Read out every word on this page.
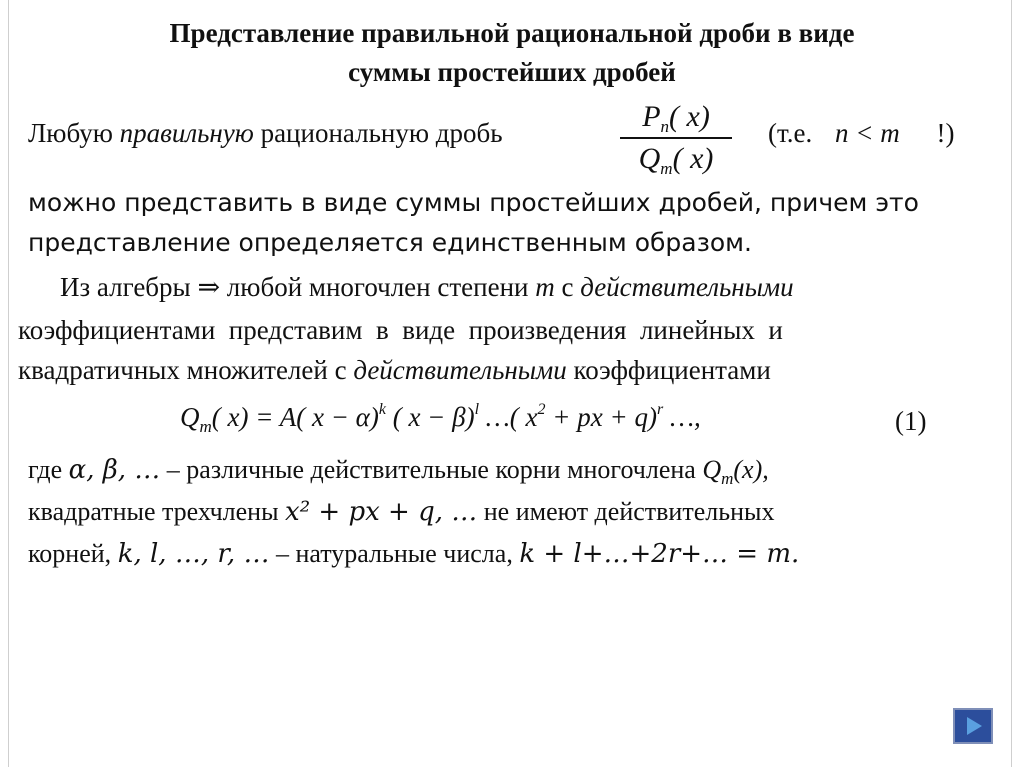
Представление правильной рациональной дроби в виде
суммы простейших дробей
Любую правильную рациональную дробь	$P_n$( x)
$Q_m$( x)
(т.е. n < m !)
можно представить в виде суммы простейших дробей, причем это
представление определяется единственным образом.
Из алгебры ⇒ любой многочлен степени m с действительными
коэффициентами  представим  в  виде  произведения  линейных  и
квадратичных множителей с действительными коэффициентами
$Q_m$( x) = A( x − α)$^k$ ( x − β)$^l$ …( $x^2$ + px + q)$^r$ …,	(1)
где α, β, … – различные действительные корни многочлена $Q_m(x)$,
квадратные трехчлены x² + px + q, … не имеют действительных
корней, k, l, …, r, … – натуральные числа, k + l+…+2r+… = m.
